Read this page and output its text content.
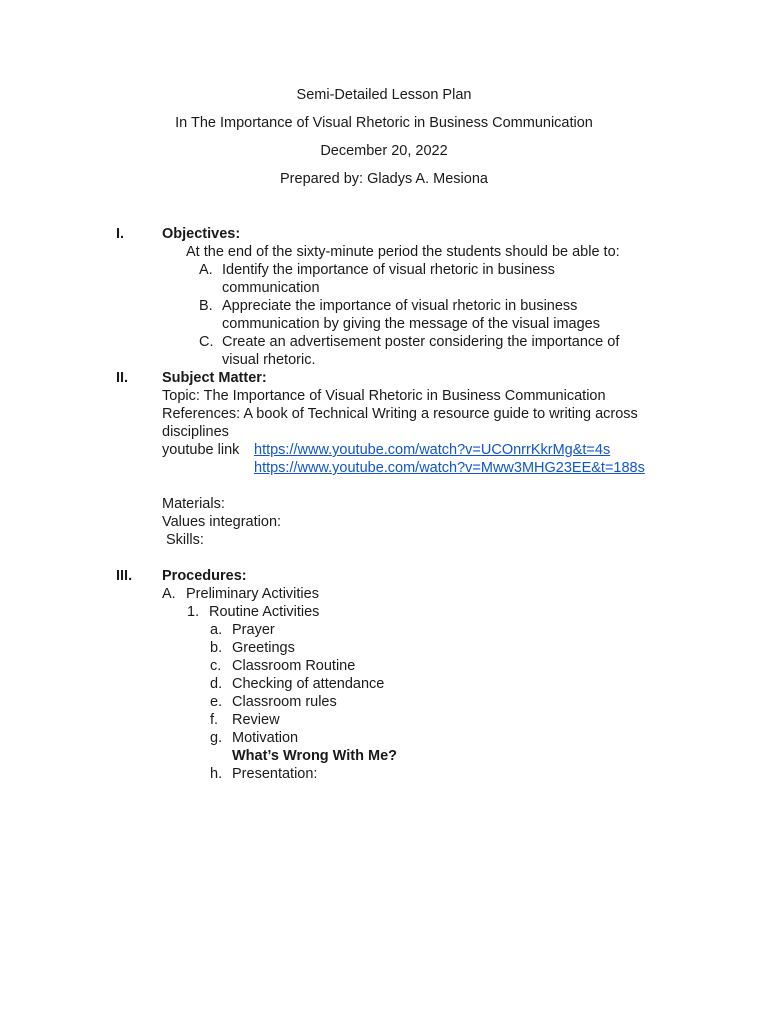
Semi-Detailed Lesson Plan
In The Importance of Visual Rhetoric in Business Communication
December 20, 2022
Prepared by: Gladys A. Mesiona
I.	Objectives:
At the end of the sixty-minute period the students should be able to:
A. Identify the importance of visual rhetoric in business
communication
B. Appreciate the importance of visual rhetoric in business
communication by giving the message of the visual images
C. Create an advertisement poster considering the importance of
visual rhetoric.
II. Subject Matter:
Topic: The Importance of Visual Rhetoric in Business Communication
References: A book of Technical Writing a resource guide to writing across
disciplines
youtube link https://www.youtube.com/watch?v=UCOnrrKkrMg&t=4s
https://www.youtube.com/watch?v=Mww3MHG23EE&t=188s
Materials:
Values integration:
Skills:
III. Procedures:
A. Preliminary Activities
1. Routine Activities
a. Prayer
b. Greetings
c. Classroom Routine
d. Checking of attendance
e. Classroom rules
f. Review
g. Motivation
What’s Wrong With Me?
h. Presentation:
